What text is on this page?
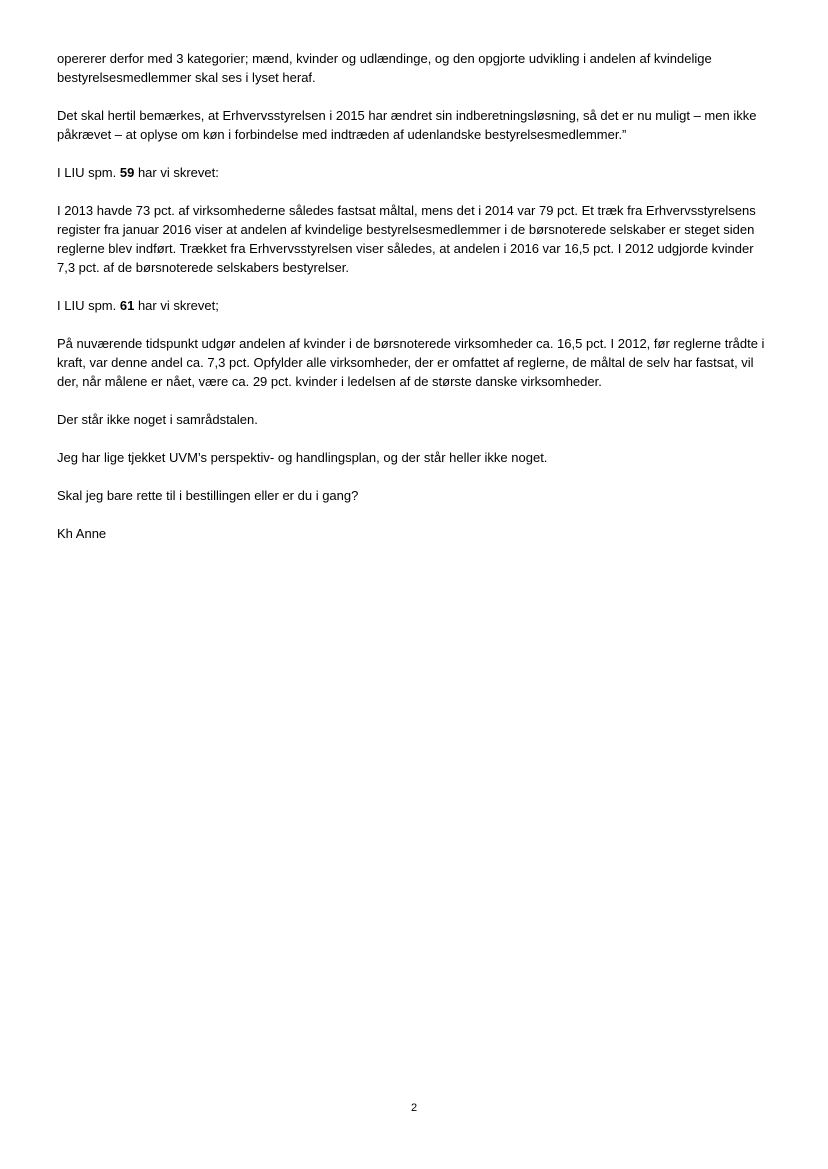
opererer derfor med 3 kategorier; mænd, kvinder og udlændinge, og den opgjorte udvikling i andelen af kvindelige bestyrelsesmedlemmer skal ses i lyset heraf.

Det skal hertil bemærkes, at Erhvervsstyrelsen i 2015 har ændret sin indberetningsløsning, så det er nu muligt – men ikke påkrævet – at oplyse om køn i forbindelse med indtræden af udenlandske bestyrelsesmedlemmer.”

I LIU spm. 59 har vi skrevet:

I 2013 havde 73 pct. af virksomhederne således fastsat måltal, mens det i 2014 var 79 pct. Et træk fra Erhvervsstyrelsens register fra januar 2016 viser at andelen af kvindelige bestyrelsesmedlemmer i de børsnoterede selskaber er steget siden reglerne blev indført. Trækket fra Erhvervsstyrelsen viser således, at andelen i 2016 var 16,5 pct. I 2012 udgjorde kvinder 7,3 pct. af de børsnoterede selskabers bestyrelser.

I LIU spm. 61 har vi skrevet;

På nuværende tidspunkt udgør andelen af kvinder i de børsnoterede virksomheder ca. 16,5 pct. I 2012, før reglerne trådte i kraft, var denne andel ca. 7,3 pct. Opfylder alle virksomheder, der er omfattet af reglerne, de måltal de selv har fastsat, vil der, når målene er nået, være ca. 29 pct. kvinder i ledelsen af de største danske virksomheder.

Der står ikke noget i samrådstalen.

Jeg har lige tjekket UVM’s perspektiv- og handlingsplan, og der står heller ikke noget.

Skal jeg bare rette til i bestillingen eller er du i gang?

Kh Anne

2
